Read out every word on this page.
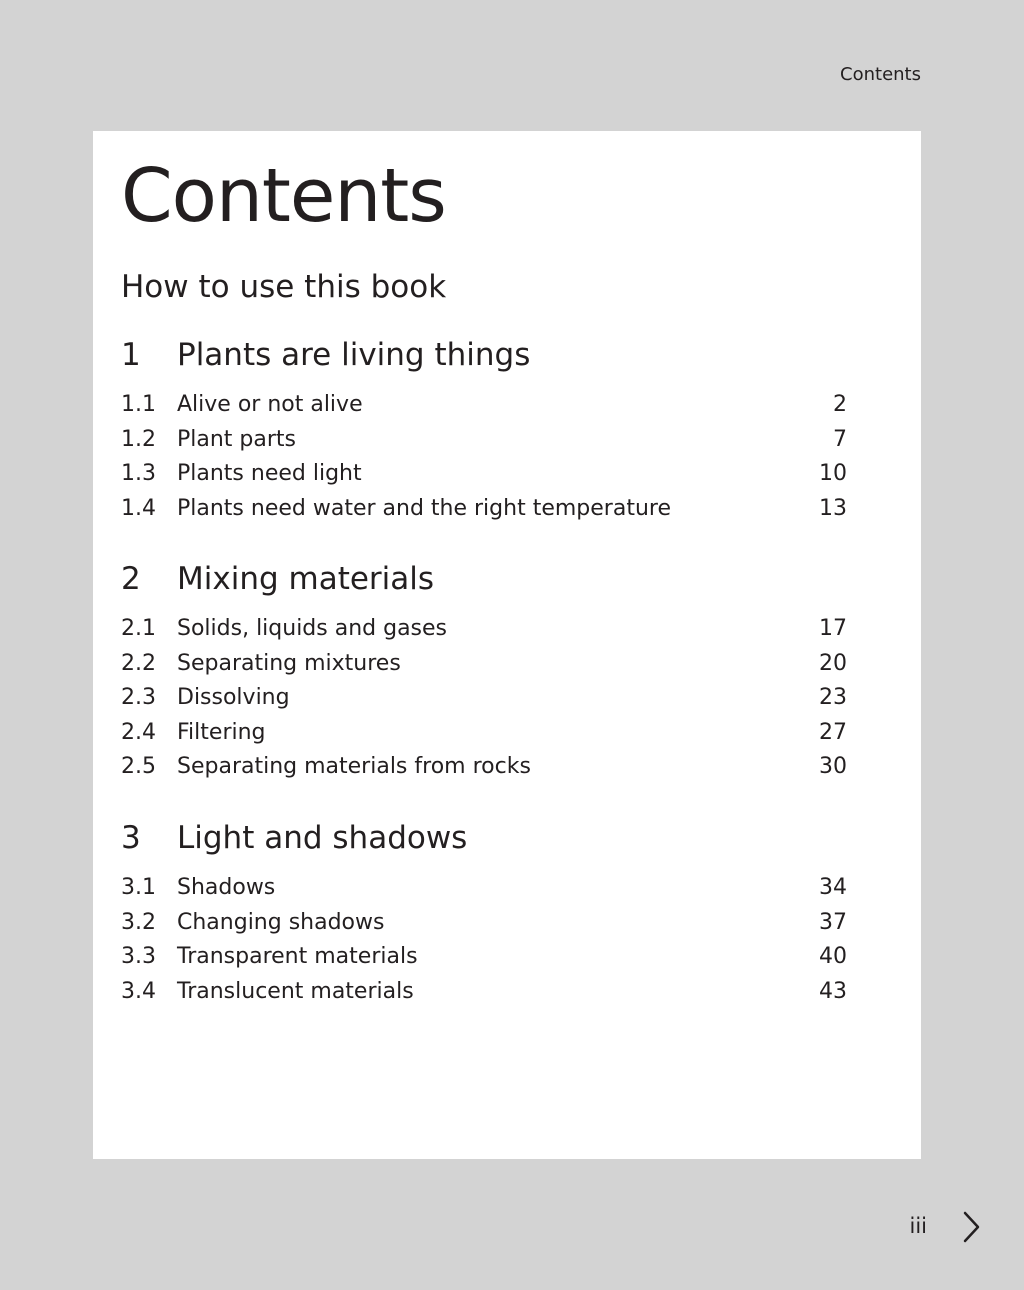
Contents
Contents
How to use this book
1 Plants are living things
1.1 Alive or not alive	2
1.2 Plant parts	7
1.3 Plants need light	10
1.4 Plants need water and the right temperature	13
2 Mixing materials
2.1 Solids, liquids and gases	17
2.2 Separating mixtures	20
2.3 Dissolving	23
2.4 Filtering	27
2.5 Separating materials from rocks	30
3 Light and shadows
3.1 Shadows	34
3.2 Changing shadows	37
3.3 Transparent materials	40
3.4 Translucent materials	43
iii
